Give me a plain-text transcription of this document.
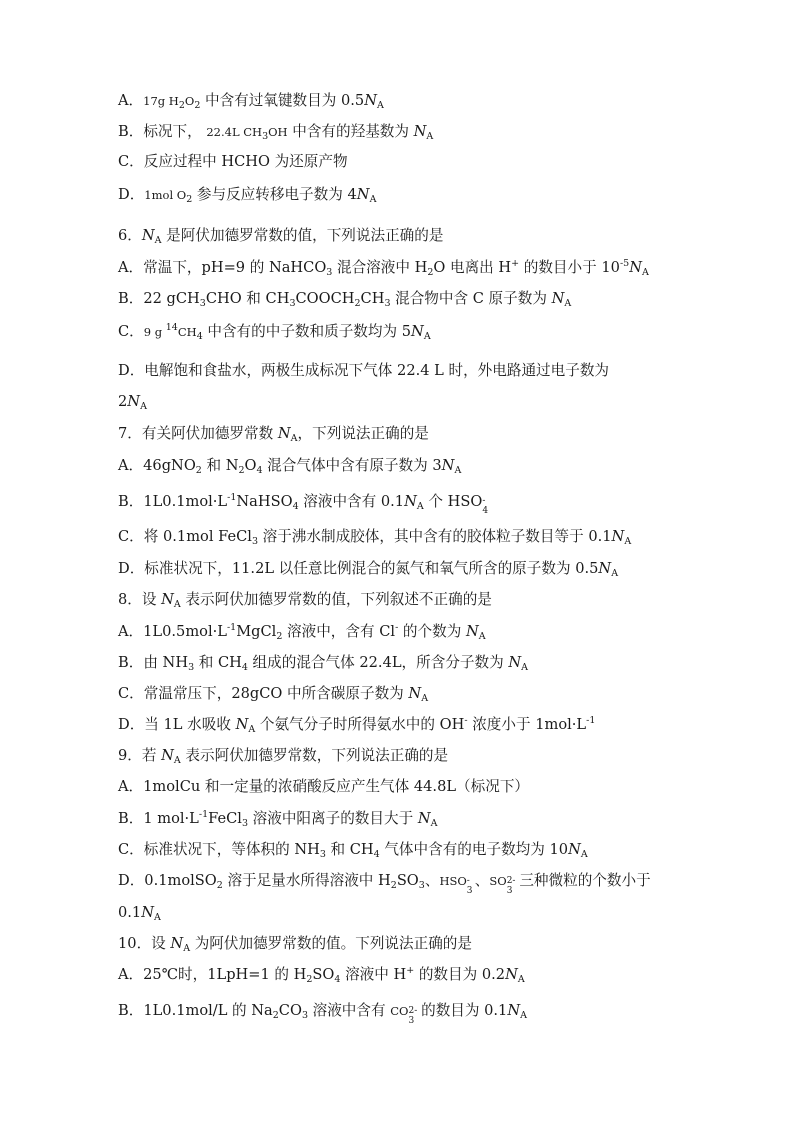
A．17g $H_2O_2$ 中含有过氧键数目为 $0.5N_A$
B．标况下， 22.4L $CH_3OH$ 中含有的羟基数为 $N_A$
C．反应过程中 HCHO 为还原产物
D．1mol $O_2$ 参与反应转移电子数为 $4N_A$
6．$N_A$ 是阿伏加德罗常数的值，下列说法正确的是
A．常温下，pH=9 的 NaHCO$_3$ 混合溶液中 $H_2O$ 电离出 H+ 的数目小于 $10^{-5}N_A$
B．22 gCH$_3$CHO 和 $CH_3COOCH_2CH_3$ 混合物中含 C 原子数为 $N_A$
C．9 g $^{14}CH_4$ 中含有的中子数和质子数均为 $5N_A$
D．电解饱和食盐水，两极生成标况下气体 22.4 L 时，外电路通过电子数为
$2N_A$
7．有关阿伏加德罗常数 $N_A$，下列说法正确的是
A．46gNO$_2$ 和 $N_2O_4$ 混合气体中含有原子数为 $3N_A$
B．$1L0.1mol\cdot L^{-1}NaHSO_4$ 溶液中含有 $0.1N_A$ 个 HSO -
4
C．将 0.1mol FeCl$_3$ 溶于沸水制成胶体，其中含有的胶体粒子数目等于 $0.1N_A$
D．标准状况下，11.2L 以任意比例混合的氮气和氧气所含的原子数为 $0.5N_A$
8．设 $N_A$ 表示阿伏加德罗常数的值，下列叙述不正确的是
A．$1L0.5mol\cdot L^{-1}MgCl_2$ 溶液中，含有 Cl- 的个数为 $N_A$
B．由 $NH_3$ 和 $CH_4$ 组成的混合气体 22.4L，所含分子数为 $N_A$
C．常温常压下，28gCO 中所含碳原子数为 $N_A$
D．当 1L 水吸收 $N_A$ 个氨气分子时所得氨水中的 OH- 浓度小于 $1mol\cdot L^{-1}$
9．若 $N_A$ 表示阿伏加德罗常数，下列说法正确的是
A．1molCu 和一定量的浓硝酸反应产生气体 44.8L（标况下）
B．1 $mol\cdot L^{-1}FeCl_3$ 溶液中阳离子的数目大于 $N_A$
C．标准状况下，等体积的 $NH_3$ 和 $CH_4$ 气体中含有的电子数均为 $10N_A$
D．0.1molSO$_2$ 溶于足量水所得溶液中 $H_2SO_3$、HSO -
3
、SO 2-
3
三种微粒的个数小于
$0.1N_A$
10．设 $N_A$ 为阿伏加德罗常数的值。下列说法正确的是
A．25℃时，1LpH=1 的 $H_2SO_4$ 溶液中 H+ 的数目为 $0.2N_A$
B．1L0.1mol/L 的 $Na_2CO_3$ 溶液中含有 CO 2-
3
的数目为 $0.1N_A$
